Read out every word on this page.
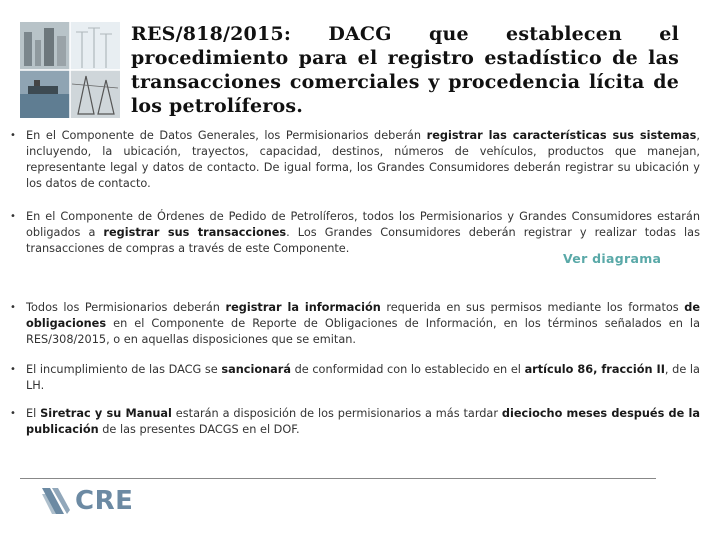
RES/818/2015: DACG que establecen el procedimiento para el registro estadístico de las transacciones comerciales y procedencia lícita de los petrolíferos.
• En el Componente de Datos Generales, los Permisionarios deberán registrar las características sus sistemas, incluyendo, la ubicación, trayectos, capacidad, destinos, números de vehículos, productos que manejan, representante legal y datos de contacto. De igual forma, los Grandes Consumidores deberán registrar su ubicación y los datos de contacto.
• En el Componente de Órdenes de Pedido de Petrolíferos, todos los Permisionarios y Grandes Consumidores estarán obligados a registrar sus transacciones. Los Grandes Consumidores deberán registrar y realizar todas las transacciones de compras a través de este Componente.
• Todos los Permisionarios deberán registrar la información requerida en sus permisos mediante los formatos de obligaciones en el Componente de Reporte de Obligaciones de Información, en los términos señalados en la RES/308/2015, o en aquellas disposiciones que se emitan.
• El incumplimiento de las DACG se sancionará de conformidad con lo establecido en el artículo 86, fracción II, de la LH.
• El Siretrac y su Manual estarán a disposición de los permisionarios a más tardar dieciocho meses después de la publicación de las presentes DACGS en el DOF.
Ver diagrama
CRE
